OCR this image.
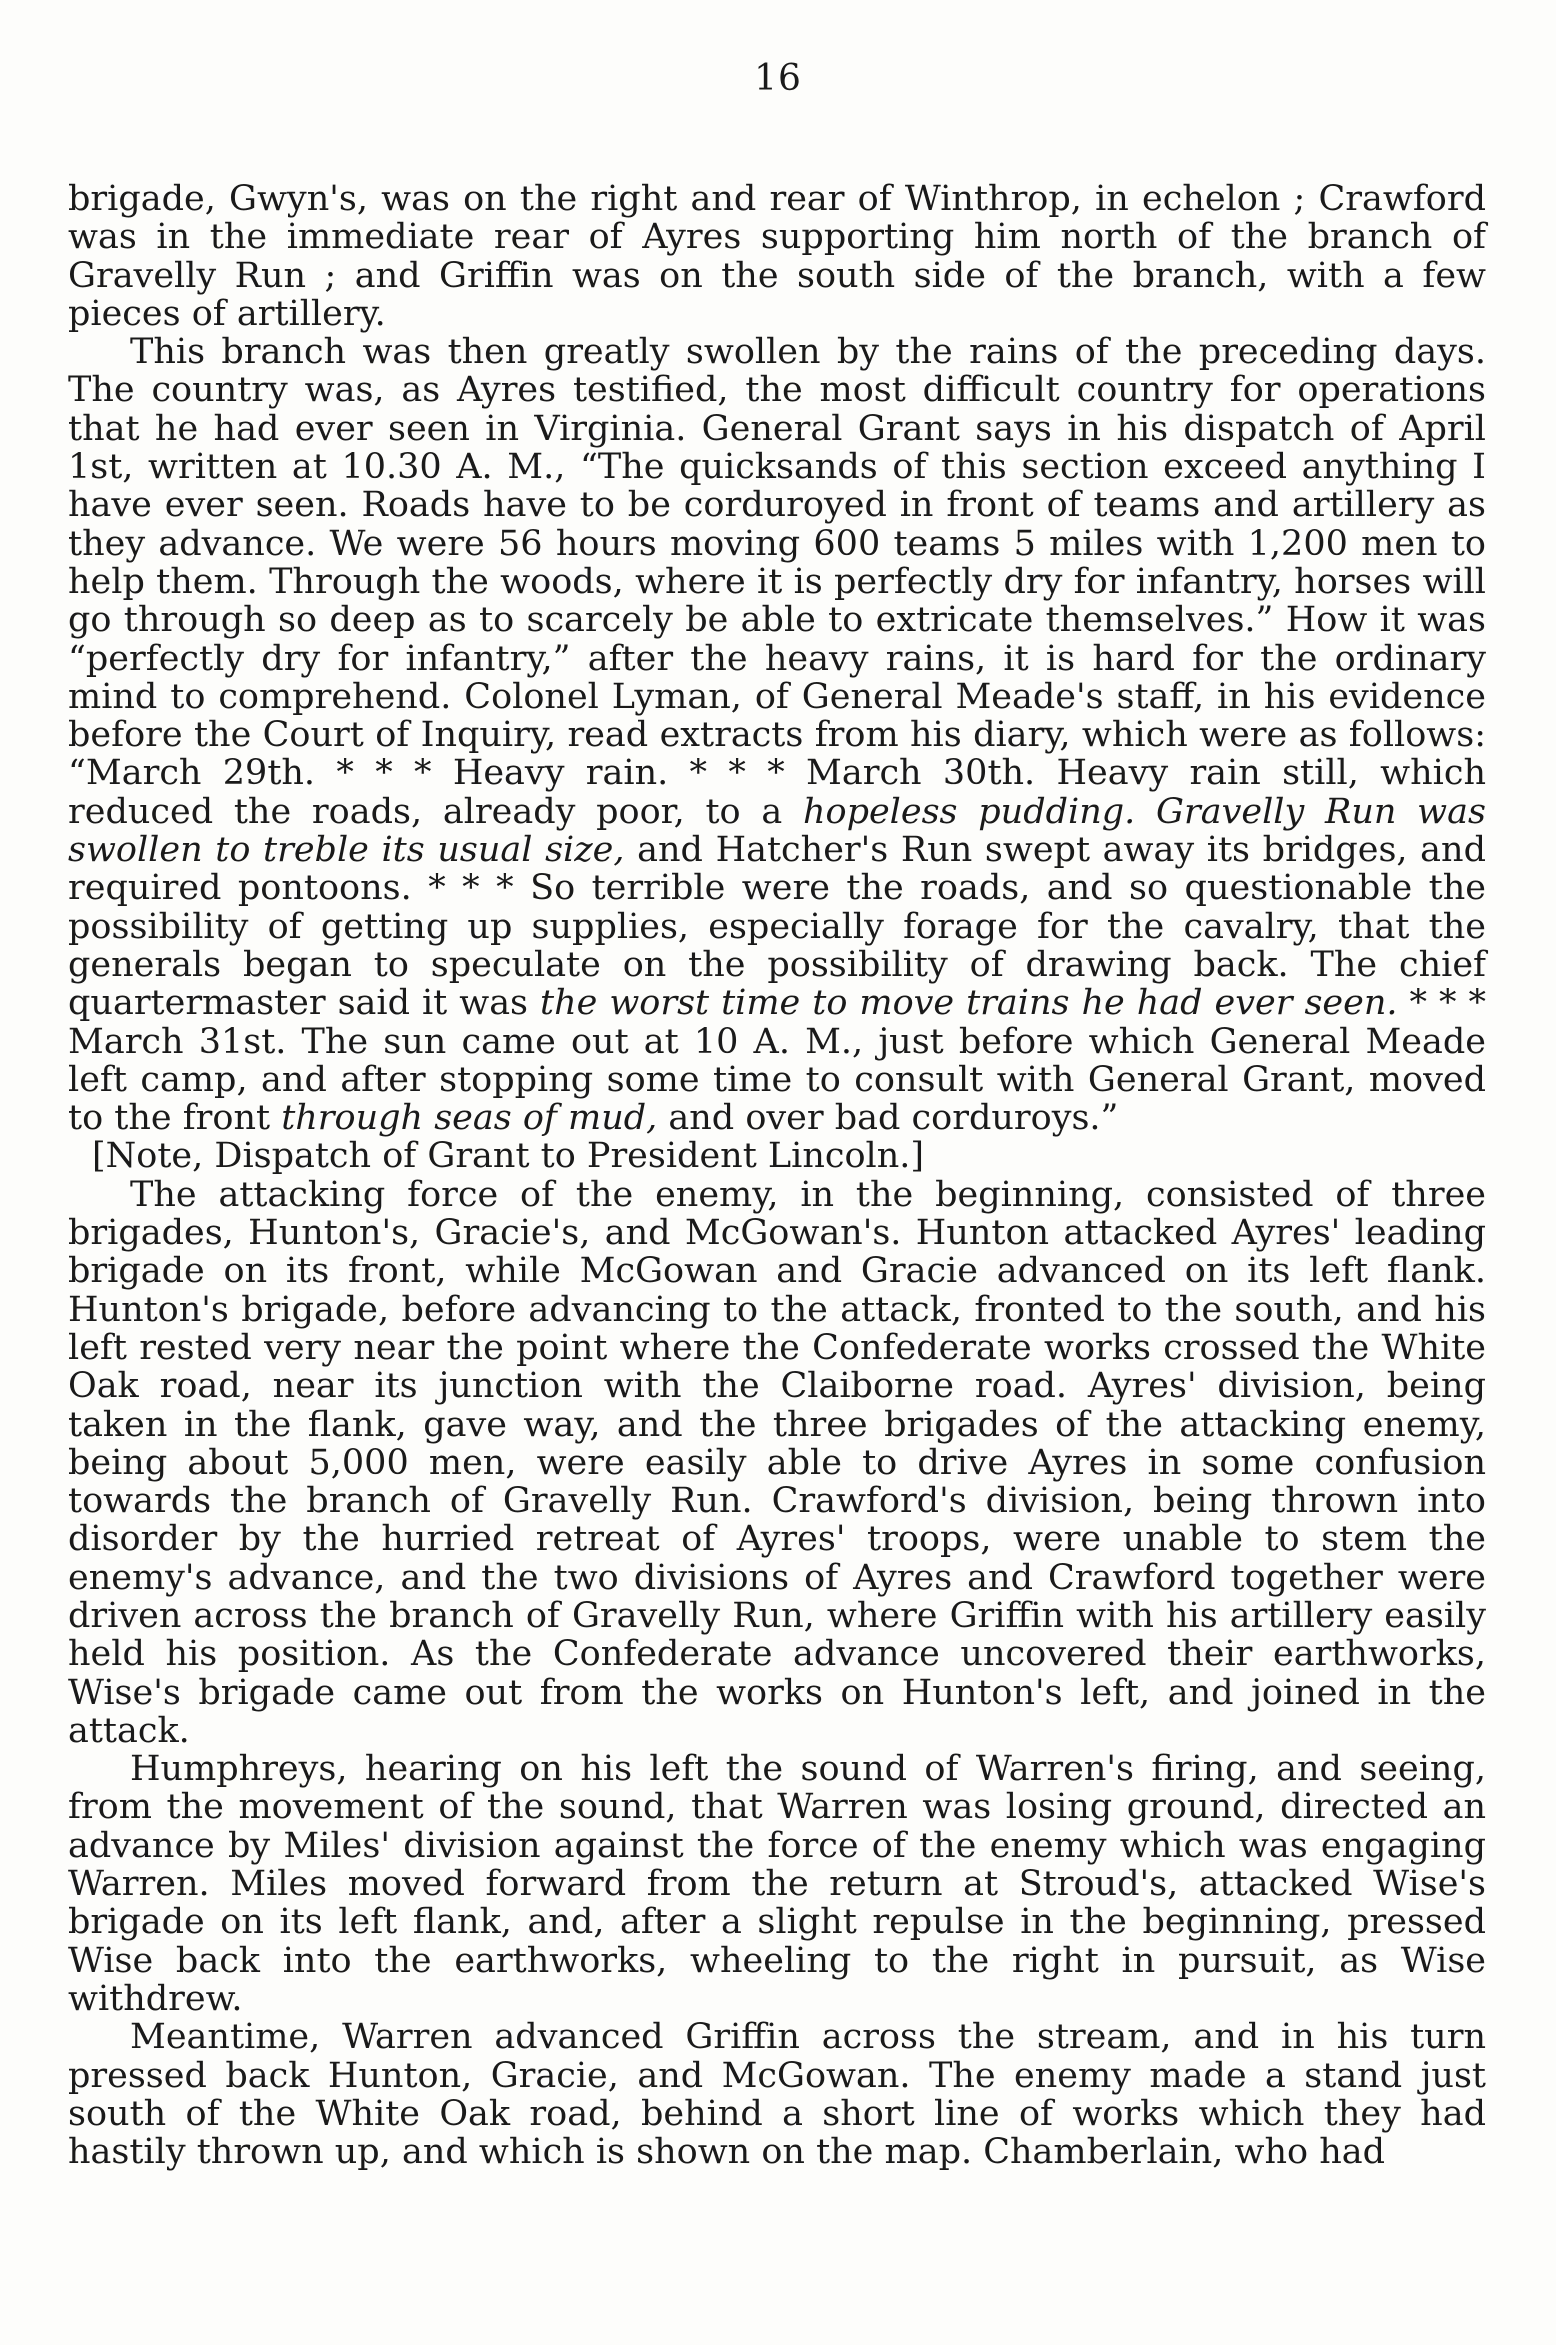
16

brigade, Gwyn's, was on the right and rear of Winthrop, in echelon ; Crawford was in the immediate rear of Ayres supporting him north of the branch of Gravelly Run ; and Griffin was on the south side of the branch, with a few pieces of artillery.

This branch was then greatly swollen by the rains of the preceding days. The country was, as Ayres testified, the most difficult country for operations that he had ever seen in Virginia. General Grant says in his dispatch of April 1st, written at 10.30 A. M., “The quicksands of this section exceed anything I have ever seen. Roads have to be corduroyed in front of teams and artillery as they advance. We were 56 hours moving 600 teams 5 miles with 1,200 men to help them. Through the woods, where it is perfectly dry for infantry, horses will go through so deep as to scarcely be able to extricate themselves.” How it was “perfectly dry for infantry,” after the heavy rains, it is hard for the ordinary mind to comprehend. Colonel Lyman, of General Meade's staff, in his evidence before the Court of Inquiry, read extracts from his diary, which were as follows: “March 29th. * * * Heavy rain. * * * March 30th. Heavy rain still, which reduced the roads, already poor, to a hopeless pudding. Gravelly Run was swollen to treble its usual size, and Hatcher's Run swept away its bridges, and required pontoons. * * * So terrible were the roads, and so questionable the possibility of getting up supplies, especially forage for the cavalry, that the generals began to speculate on the possibility of drawing back. The chief quartermaster said it was the worst time to move trains he had ever seen. * * * March 31st. The sun came out at 10 A. M., just before which General Meade left camp, and after stopping some time to consult with General Grant, moved to the front through seas of mud, and over bad corduroys.”

[Note, Dispatch of Grant to President Lincoln.]

The attacking force of the enemy, in the beginning, consisted of three brigades, Hunton's, Gracie's, and McGowan's. Hunton attacked Ayres' leading brigade on its front, while McGowan and Gracie advanced on its left flank. Hunton's brigade, before advancing to the attack, fronted to the south, and his left rested very near the point where the Confederate works crossed the White Oak road, near its junction with the Claiborne road. Ayres' division, being taken in the flank, gave way, and the three brigades of the attacking enemy, being about 5,000 men, were easily able to drive Ayres in some confusion towards the branch of Gravelly Run. Crawford's division, being thrown into disorder by the hurried retreat of Ayres' troops, were unable to stem the enemy's advance, and the two divisions of Ayres and Crawford together were driven across the branch of Gravelly Run, where Griffin with his artillery easily held his position. As the Confederate advance uncovered their earthworks, Wise's brigade came out from the works on Hunton's left, and joined in the attack.

Humphreys, hearing on his left the sound of Warren's firing, and seeing, from the movement of the sound, that Warren was losing ground, directed an advance by Miles' division against the force of the enemy which was engaging Warren. Miles moved forward from the return at Stroud's, attacked Wise's brigade on its left flank, and, after a slight repulse in the beginning, pressed Wise back into the earthworks, wheeling to the right in pursuit, as Wise withdrew.

Meantime, Warren advanced Griffin across the stream, and in his turn pressed back Hunton, Gracie, and McGowan. The enemy made a stand just south of the White Oak road, behind a short line of works which they had hastily thrown up, and which is shown on the map. Chamberlain, who had
